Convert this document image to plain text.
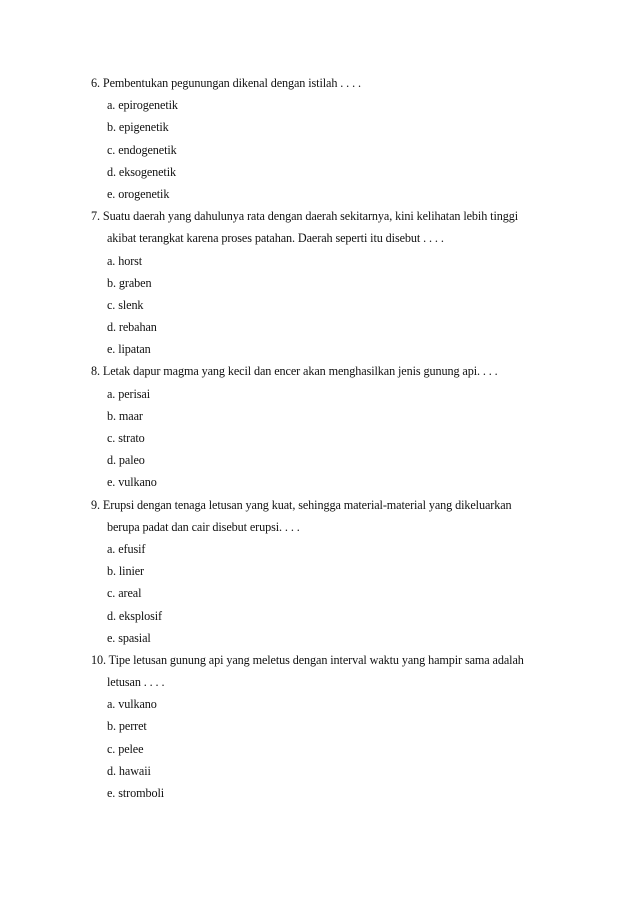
6. Pembentukan pegunungan dikenal dengan istilah . . . .
a. epirogenetik
b. epigenetik
c. endogenetik
d. eksogenetik
e. orogenetik
7. Suatu daerah yang dahulunya rata dengan daerah sekitarnya, kini kelihatan lebih tinggi
akibat terangkat karena proses patahan. Daerah seperti itu disebut . . . .
a. horst
b. graben
c. slenk
d. rebahan
e. lipatan
8. Letak dapur magma yang kecil dan encer akan menghasilkan jenis gunung api. . . .
a. perisai
b. maar
c. strato
d. paleo
e. vulkano
9. Erupsi dengan tenaga letusan yang kuat, sehingga material-material yang dikeluarkan
berupa padat dan cair disebut erupsi. . . .
a. efusif
b. linier
c. areal
d. eksplosif
e. spasial
10. Tipe letusan gunung api yang meletus dengan interval waktu yang hampir sama adalah
letusan . . . .
a. vulkano
b. perret
c. pelee
d. hawaii
e. stromboli
